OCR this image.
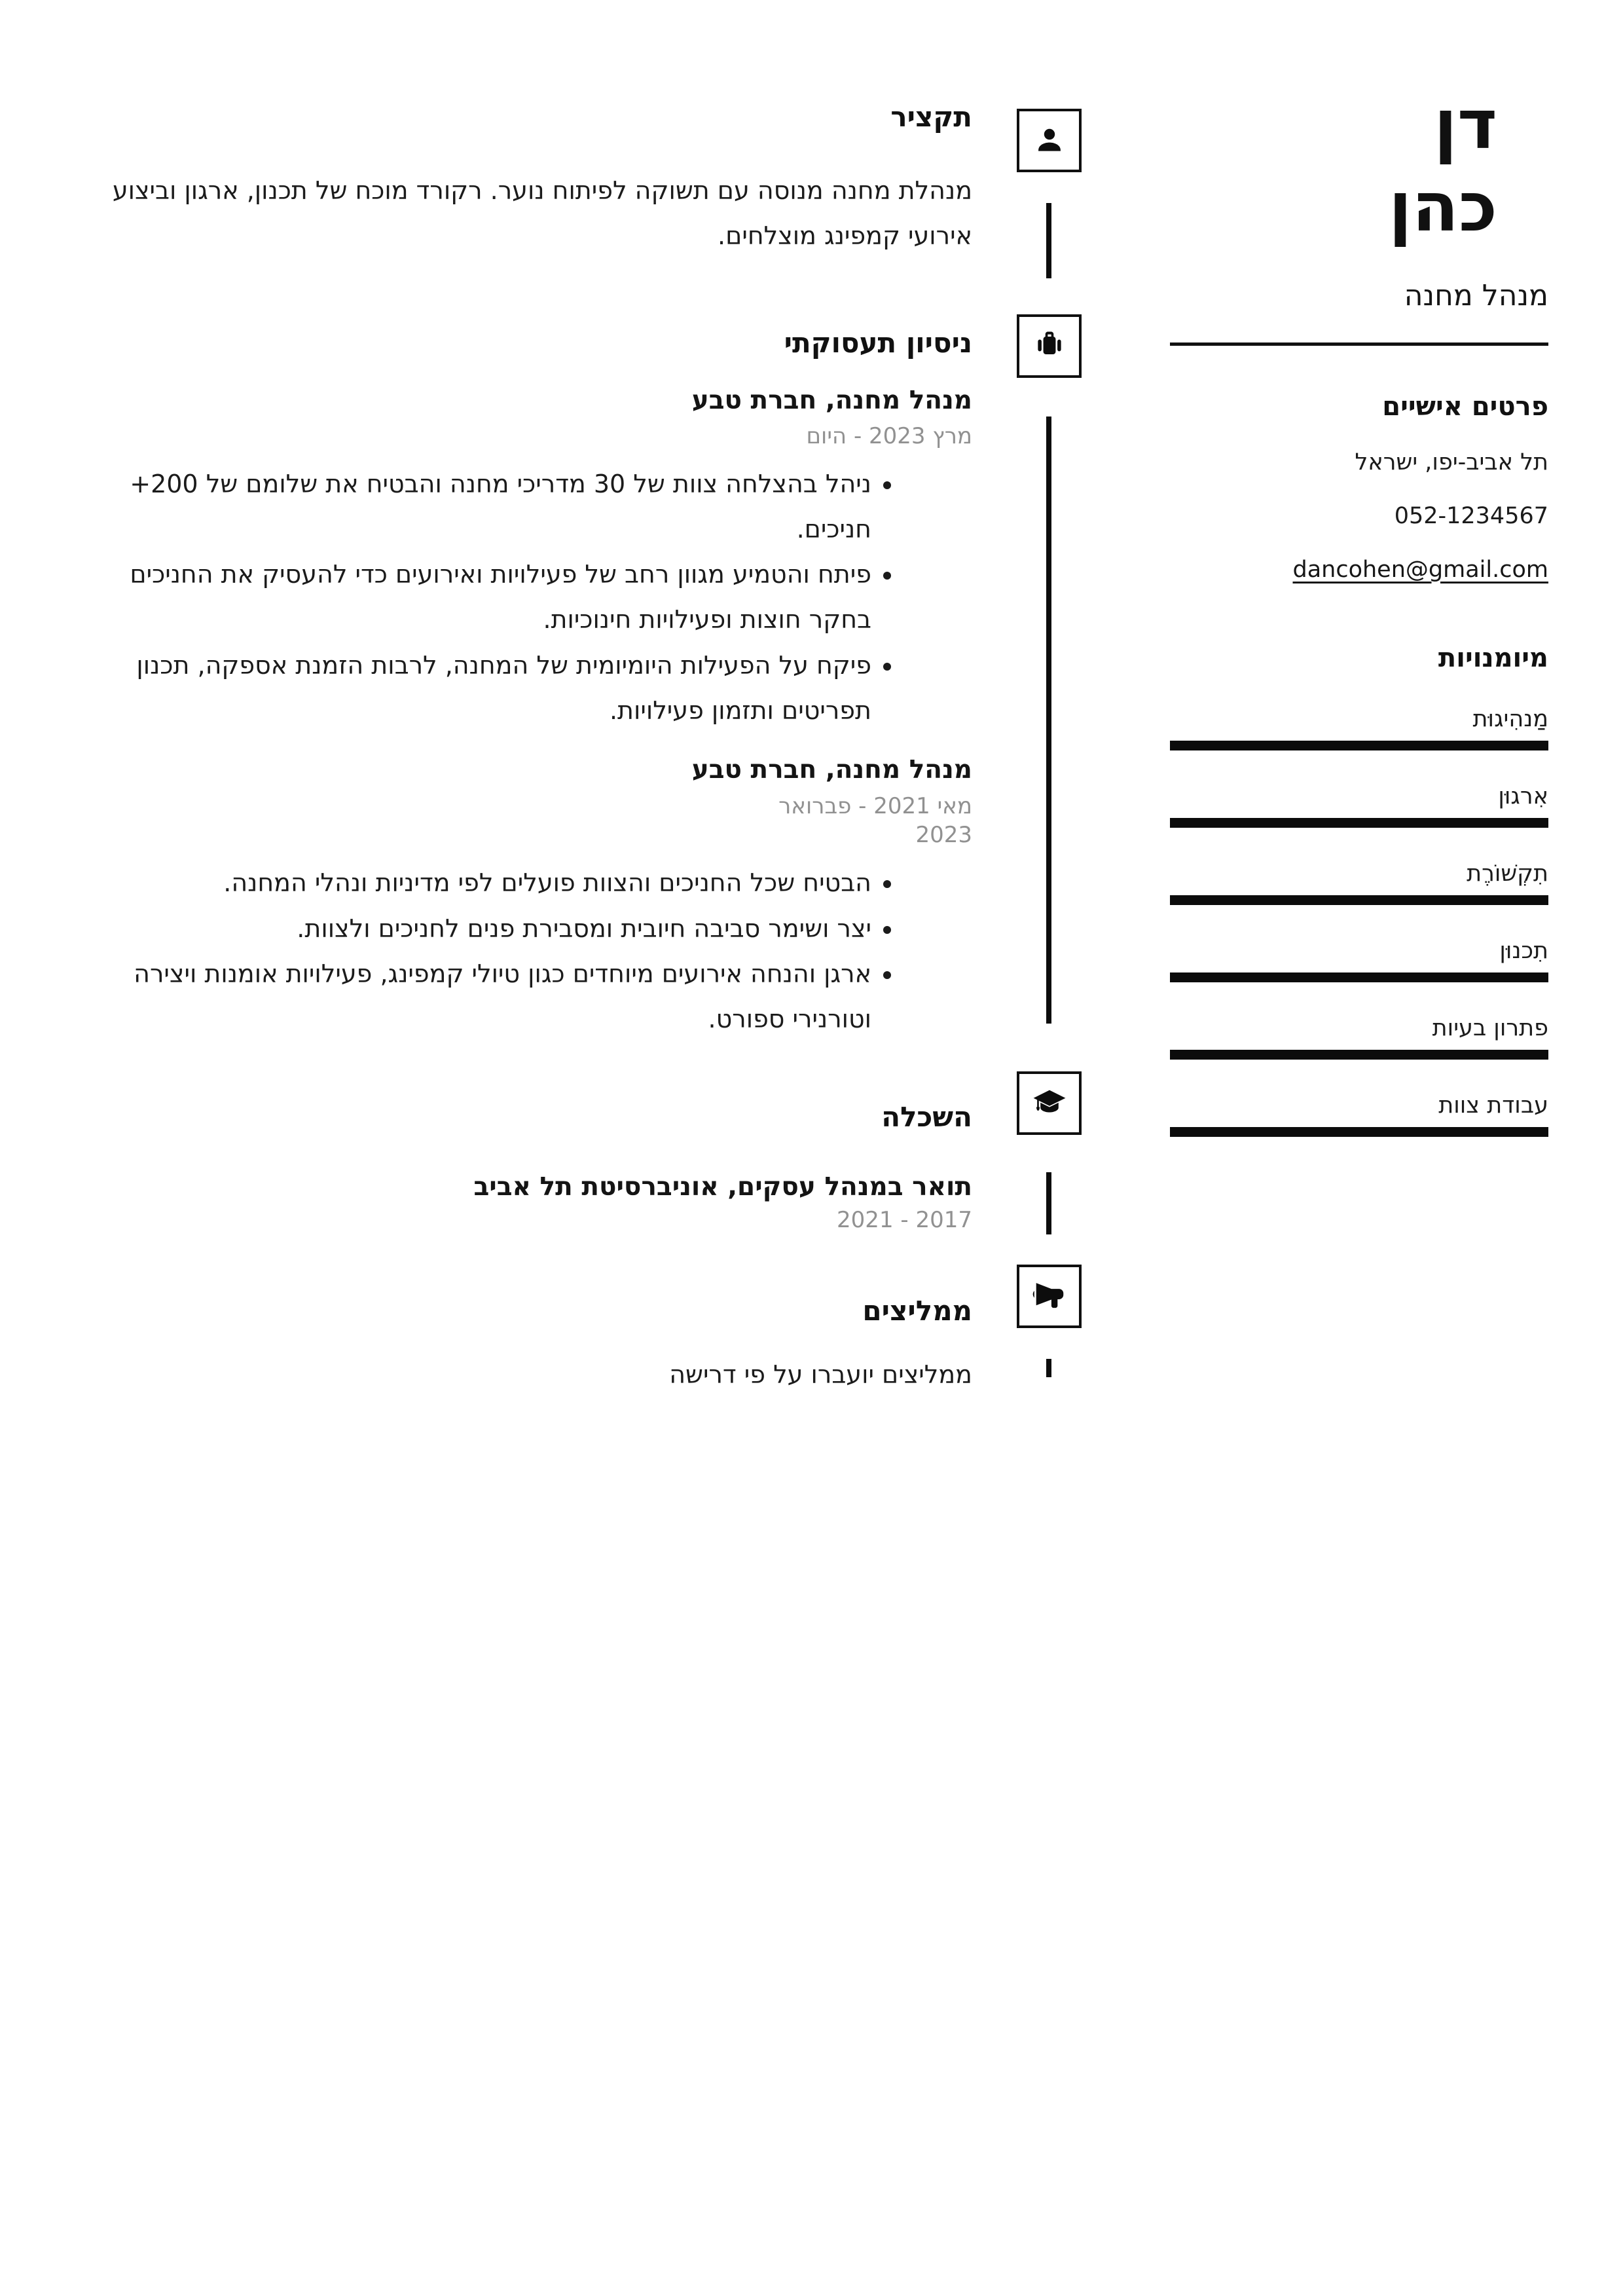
תקציר
מנהלת מחנה מנוסה עם תשוקה לפיתוח נוער. רקורד מוכח של תכנון, ארגון וביצוע אירועי קמפינג מוצלחים.
ניסיון תעסוקתי
מנהל מחנה, חברת טבע
מרץ 2023 - היום
• ניהל בהצלחה צוות של 30 מדריכי מחנה והבטיח את שלומם של 200+ חניכים.
• פיתח והטמיע מגוון רחב של פעילויות ואירועים כדי להעסיק את החניכים בחקר חוצות ופעילויות חינוכיות.
• פיקח על הפעילות היומיומית של המחנה, לרבות הזמנת אספקה, תכנון תפריטים ותזמון פעילויות.
מנהל מחנה, חברת טבע
מאי 2021 - פברואר 2023
• הבטיח שכל החניכים והצוות פועלים לפי מדיניות ונהלי המחנה.
• יצר ושימר סביבה חיובית ומסבירת פנים לחניכים ולצוות.
• ארגן והנחה אירועים מיוחדים כגון טיולי קמפינג, פעילויות אומנות ויצירה וטורנירי ספורט.
השכלה
תואר במנהל עסקים, אוניברסיטת תל אביב
2017 - 2021
ממליצים
ממליצים יועברו על פי דרישה
דן
כהן
מנהל מחנה
פרטים אישיים
תל אביב-יפו, ישראל
052-1234567
dancohen@gmail.com
מיומנויות
מַנהִיגוּת
אִרגוּן
תִקְשׁוֹרֶת
תִכנוּן
פתרון בעיות
עבודת צוות
